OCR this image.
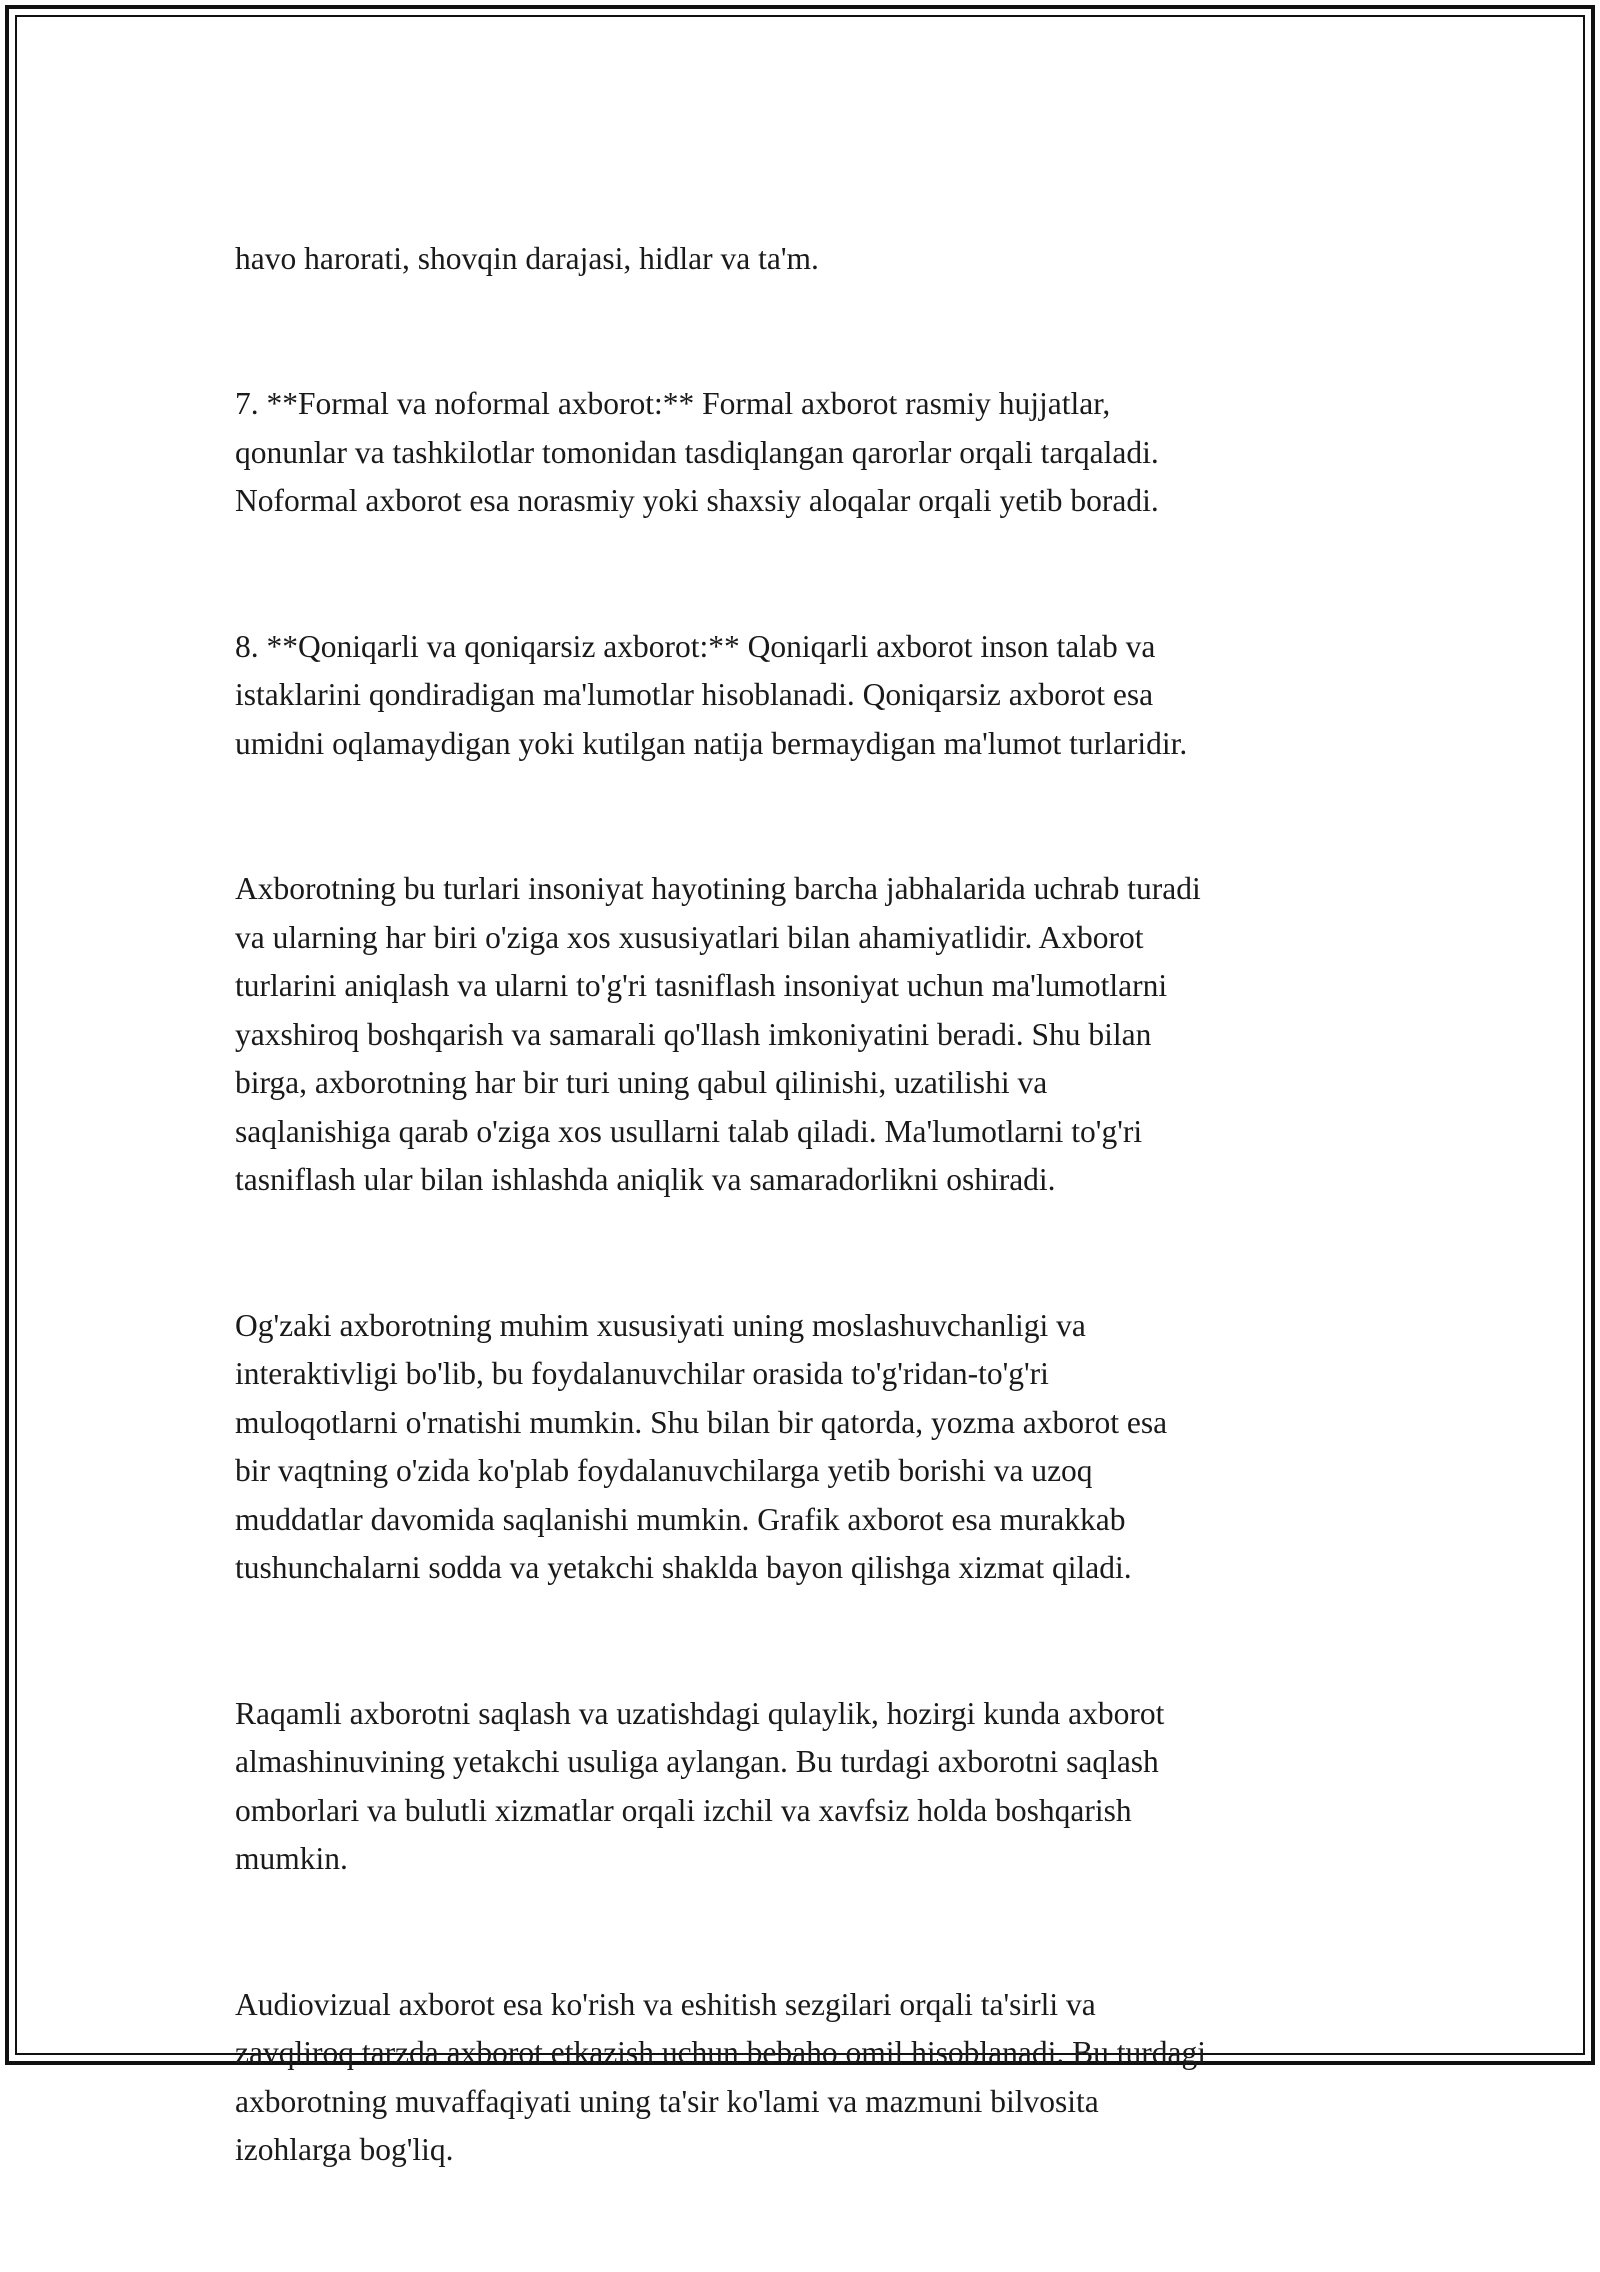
havo harorati, shovqin darajasi, hidlar va ta'm.

7. **Formal va noformal axborot:** Formal axborot rasmiy hujjatlar,
qonunlar va tashkilotlar tomonidan tasdiqlangan qarorlar orqali tarqaladi.
Noformal axborot esa norasmiy yoki shaxsiy aloqalar orqali yetib boradi.

8. **Qoniqarli va qoniqarsiz axborot:** Qoniqarli axborot inson talab va
istaklarini qondiradigan ma'lumotlar hisoblanadi. Qoniqarsiz axborot esa
umidni oqlamaydigan yoki kutilgan natija bermaydigan ma'lumot turlaridir.

Axborotning bu turlari insoniyat hayotining barcha jabhalarida uchrab turadi
va ularning har biri o'ziga xos xususiyatlari bilan ahamiyatlidir. Axborot
turlarini aniqlash va ularni to'g'ri tasniflash insoniyat uchun ma'lumotlarni
yaxshiroq boshqarish va samarali qo'llash imkoniyatini beradi. Shu bilan
birga, axborotning har bir turi uning qabul qilinishi, uzatilishi va
saqlanishiga qarab o'ziga xos usullarni talab qiladi. Ma'lumotlarni to'g'ri
tasniflash ular bilan ishlashda aniqlik va samaradorlikni oshiradi.

Og'zaki axborotning muhim xususiyati uning moslashuvchanligi va
interaktivligi bo'lib, bu foydalanuvchilar orasida to'g'ridan-to'g'ri
muloqotlarni o'rnatishi mumkin. Shu bilan bir qatorda, yozma axborot esa
bir vaqtning o'zida ko'plab foydalanuvchilarga yetib borishi va uzoq
muddatlar davomida saqlanishi mumkin. Grafik axborot esa murakkab
tushunchalarni sodda va yetakchi shaklda bayon qilishga xizmat qiladi.

Raqamli axborotni saqlash va uzatishdagi qulaylik, hozirgi kunda axborot
almashinuvining yetakchi usuliga aylangan. Bu turdagi axborotni saqlash
omborlari va bulutli xizmatlar orqali izchil va xavfsiz holda boshqarish
mumkin.

Audiovizual axborot esa ko'rish va eshitish sezgilari orqali ta'sirli va
zavqliroq tarzda axborot etkazish uchun bebaho omil hisoblanadi. Bu turdagi
axborotning muvaffaqiyati uning ta'sir ko'lami va mazmuni bilvosita
izohlarga bog'liq.
